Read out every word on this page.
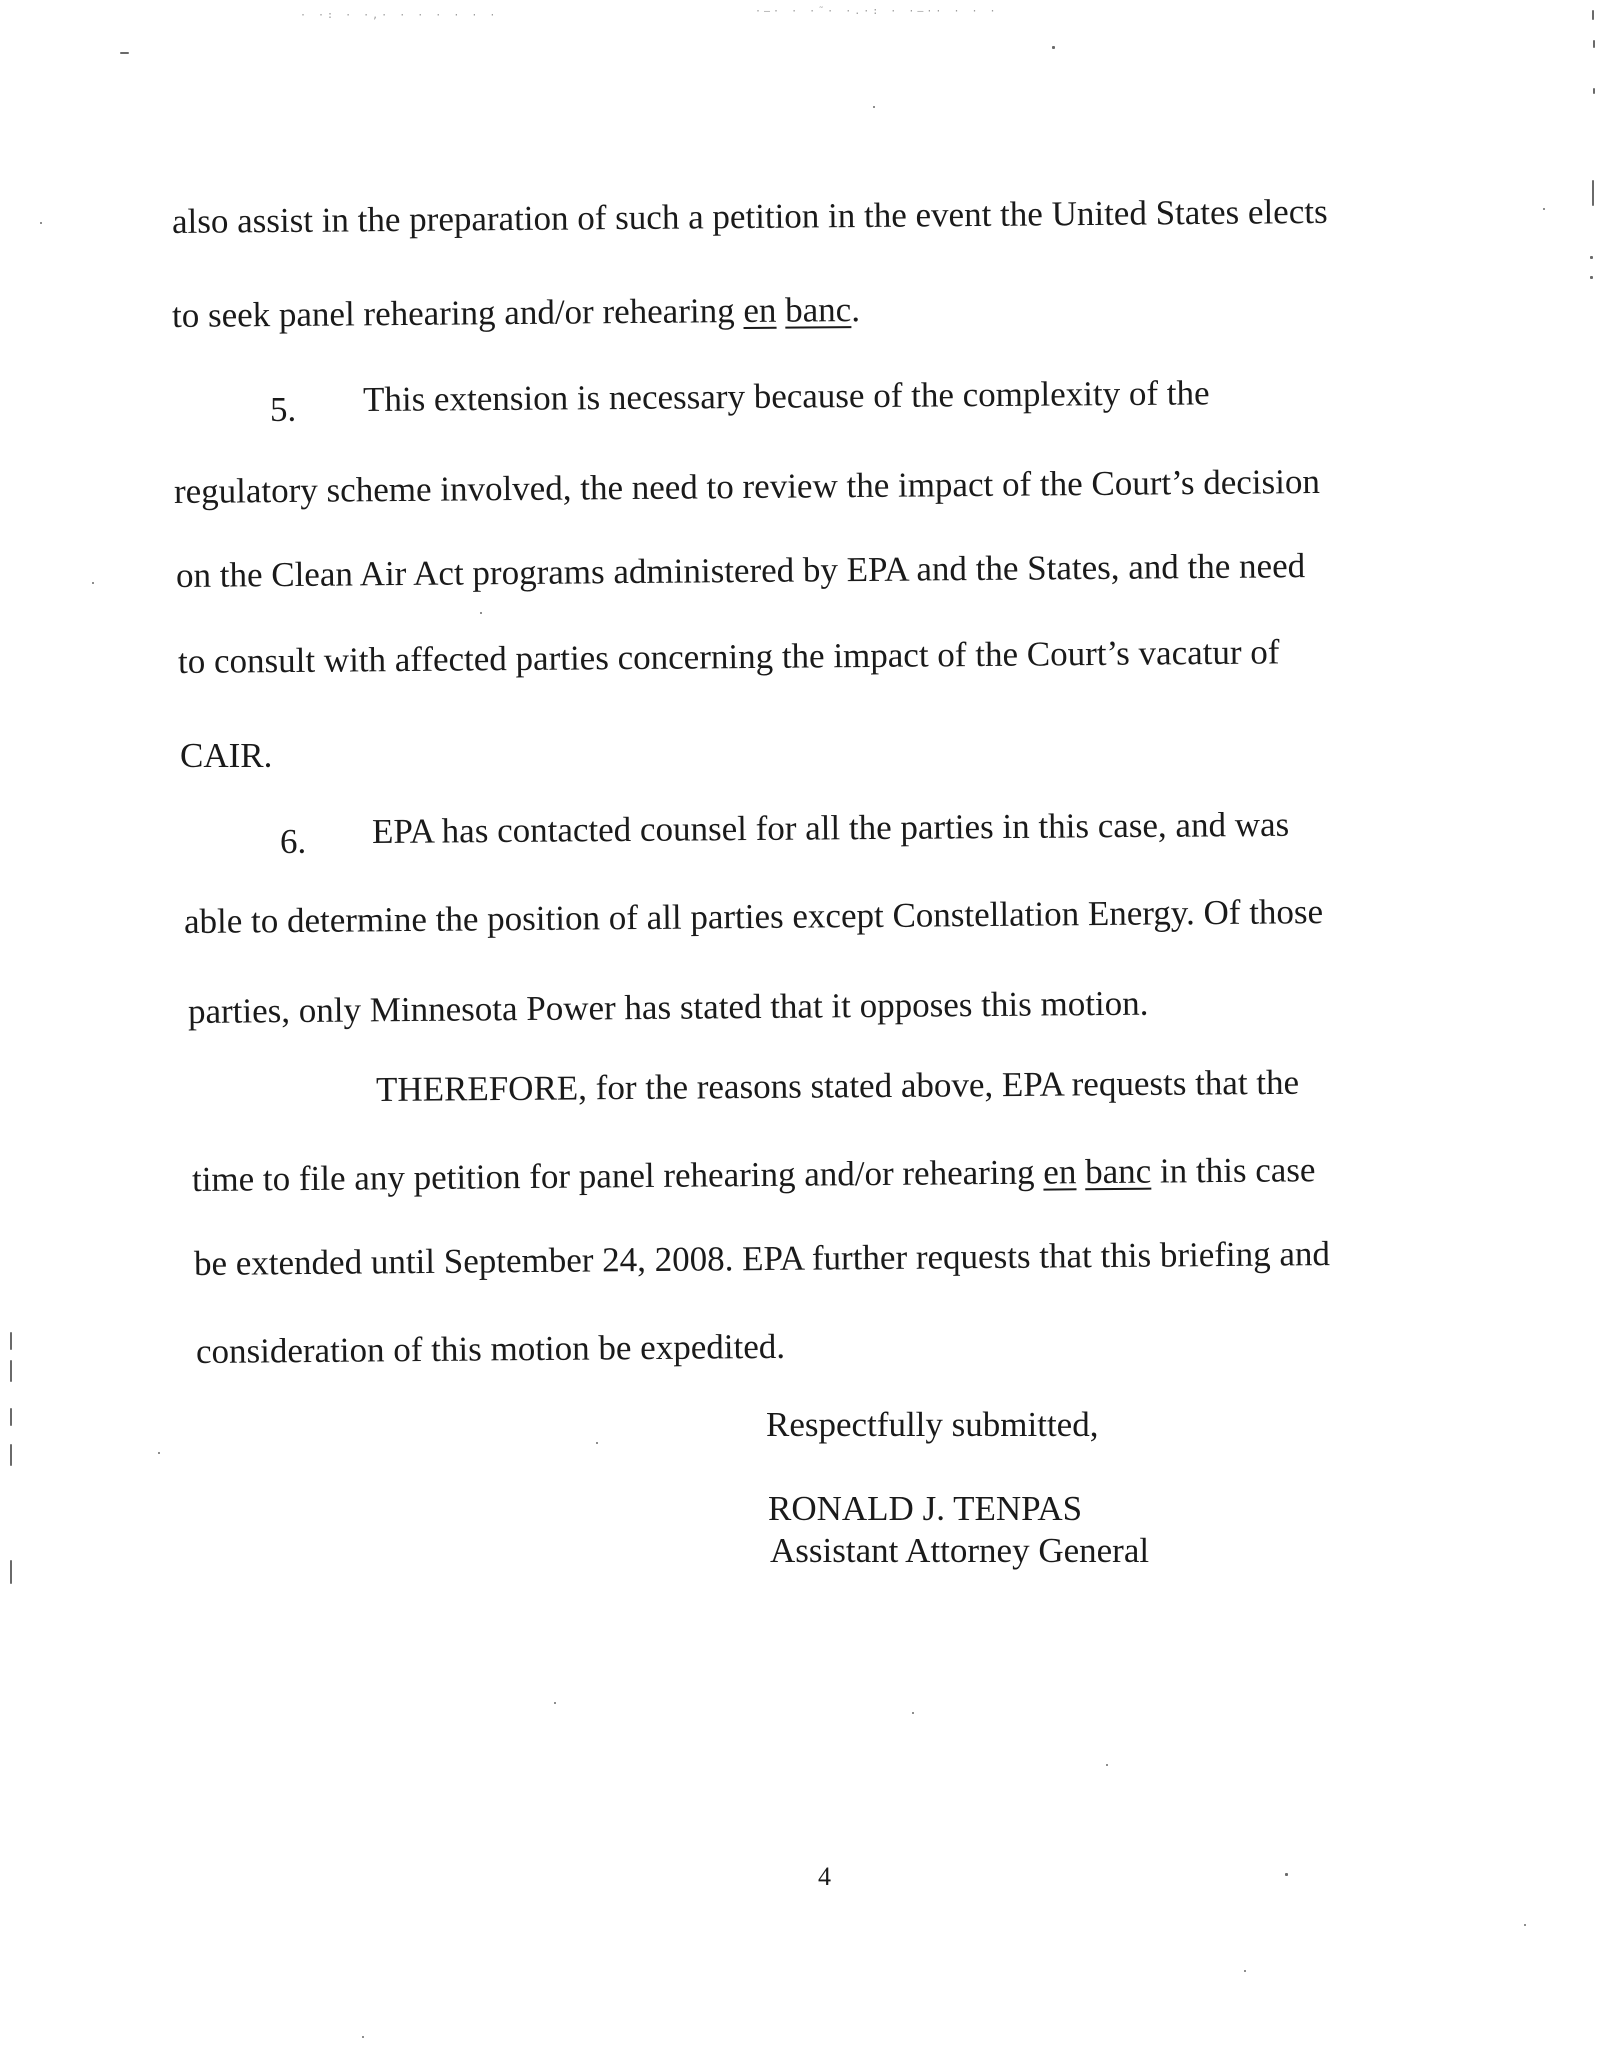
· ·: · ·,· · · · · · ·	·–· · ·˜· ·.·: · ·–·· · · ·

also assist in the preparation of such a petition in the event the United States elects

to seek panel rehearing and/or rehearing en banc.

5. This extension is necessary because of the complexity of the

regulatory scheme involved, the need to review the impact of the Court’s decision

on the Clean Air Act programs administered by EPA and the States, and the need

to consult with affected parties concerning the impact of the Court’s vacatur of

CAIR.

6. EPA has contacted counsel for all the parties in this case, and was

able to determine the position of all parties except Constellation Energy. Of those

parties, only Minnesota Power has stated that it opposes this motion.

THEREFORE, for the reasons stated above, EPA requests that the

time to file any petition for panel rehearing and/or rehearing en banc in this case

be extended until September 24, 2008. EPA further requests that this briefing and

consideration of this motion be expedited.

Respectfully submitted,

RONALD J. TENPAS

Assistant Attorney General

4
